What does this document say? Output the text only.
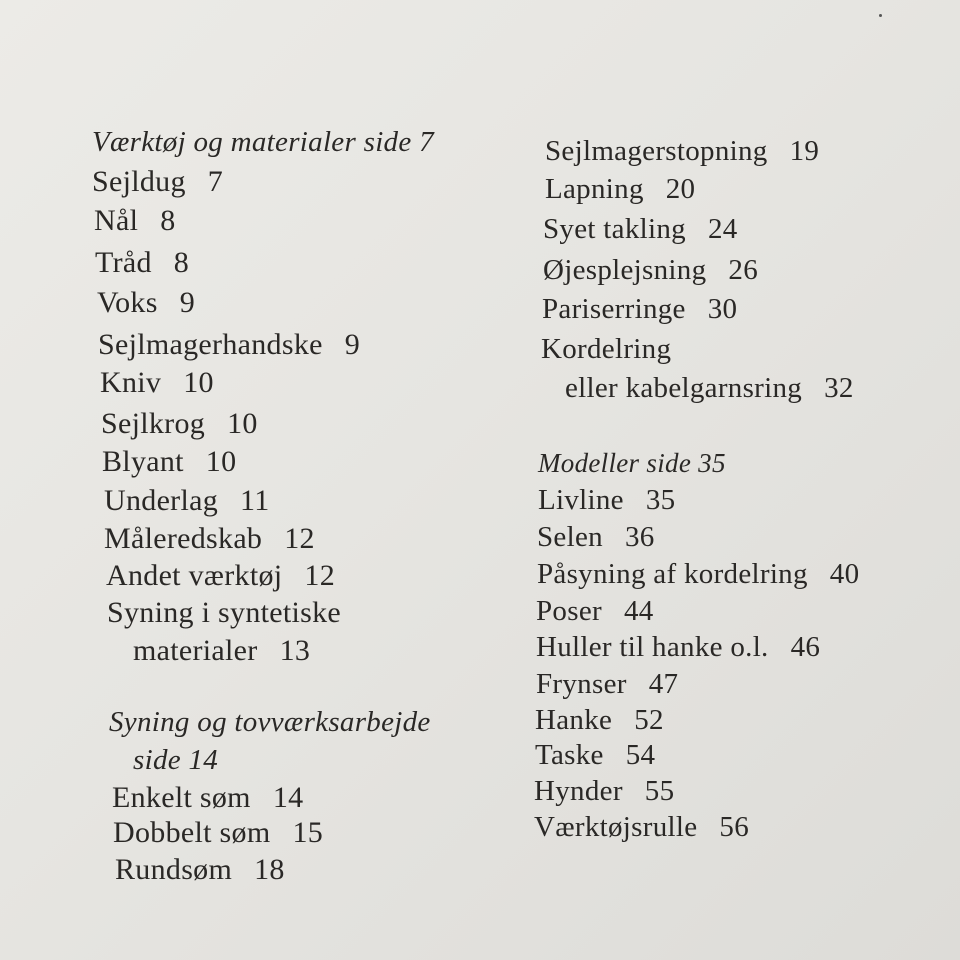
Værktøj og materialer side 7
Sejldug 7
Nål 8
Tråd 8
Voks 9
Sejlmagerhandske 9
Kniv 10
Sejlkrog 10
Blyant 10
Underlag 11
Måleredskab 12
Andet værktøj 12
Syning i syntetiske
materialer 13
Syning og tovværksarbejde
side 14
Enkelt søm 14
Dobbelt søm 15
Rundsøm 18
Sejlmagerstopning 19
Lapning 20
Syet takling 24
Øjesplejsning 26
Pariserringe 30
Kordelring
eller kabelgarnsring 32
Modeller side 35
Livline 35
Selen 36
Påsyning af kordelring 40
Poser 44
Huller til hanke o.l. 46
Frynser 47
Hanke 52
Taske 54
Hynder 55
Værktøjsrulle 56
